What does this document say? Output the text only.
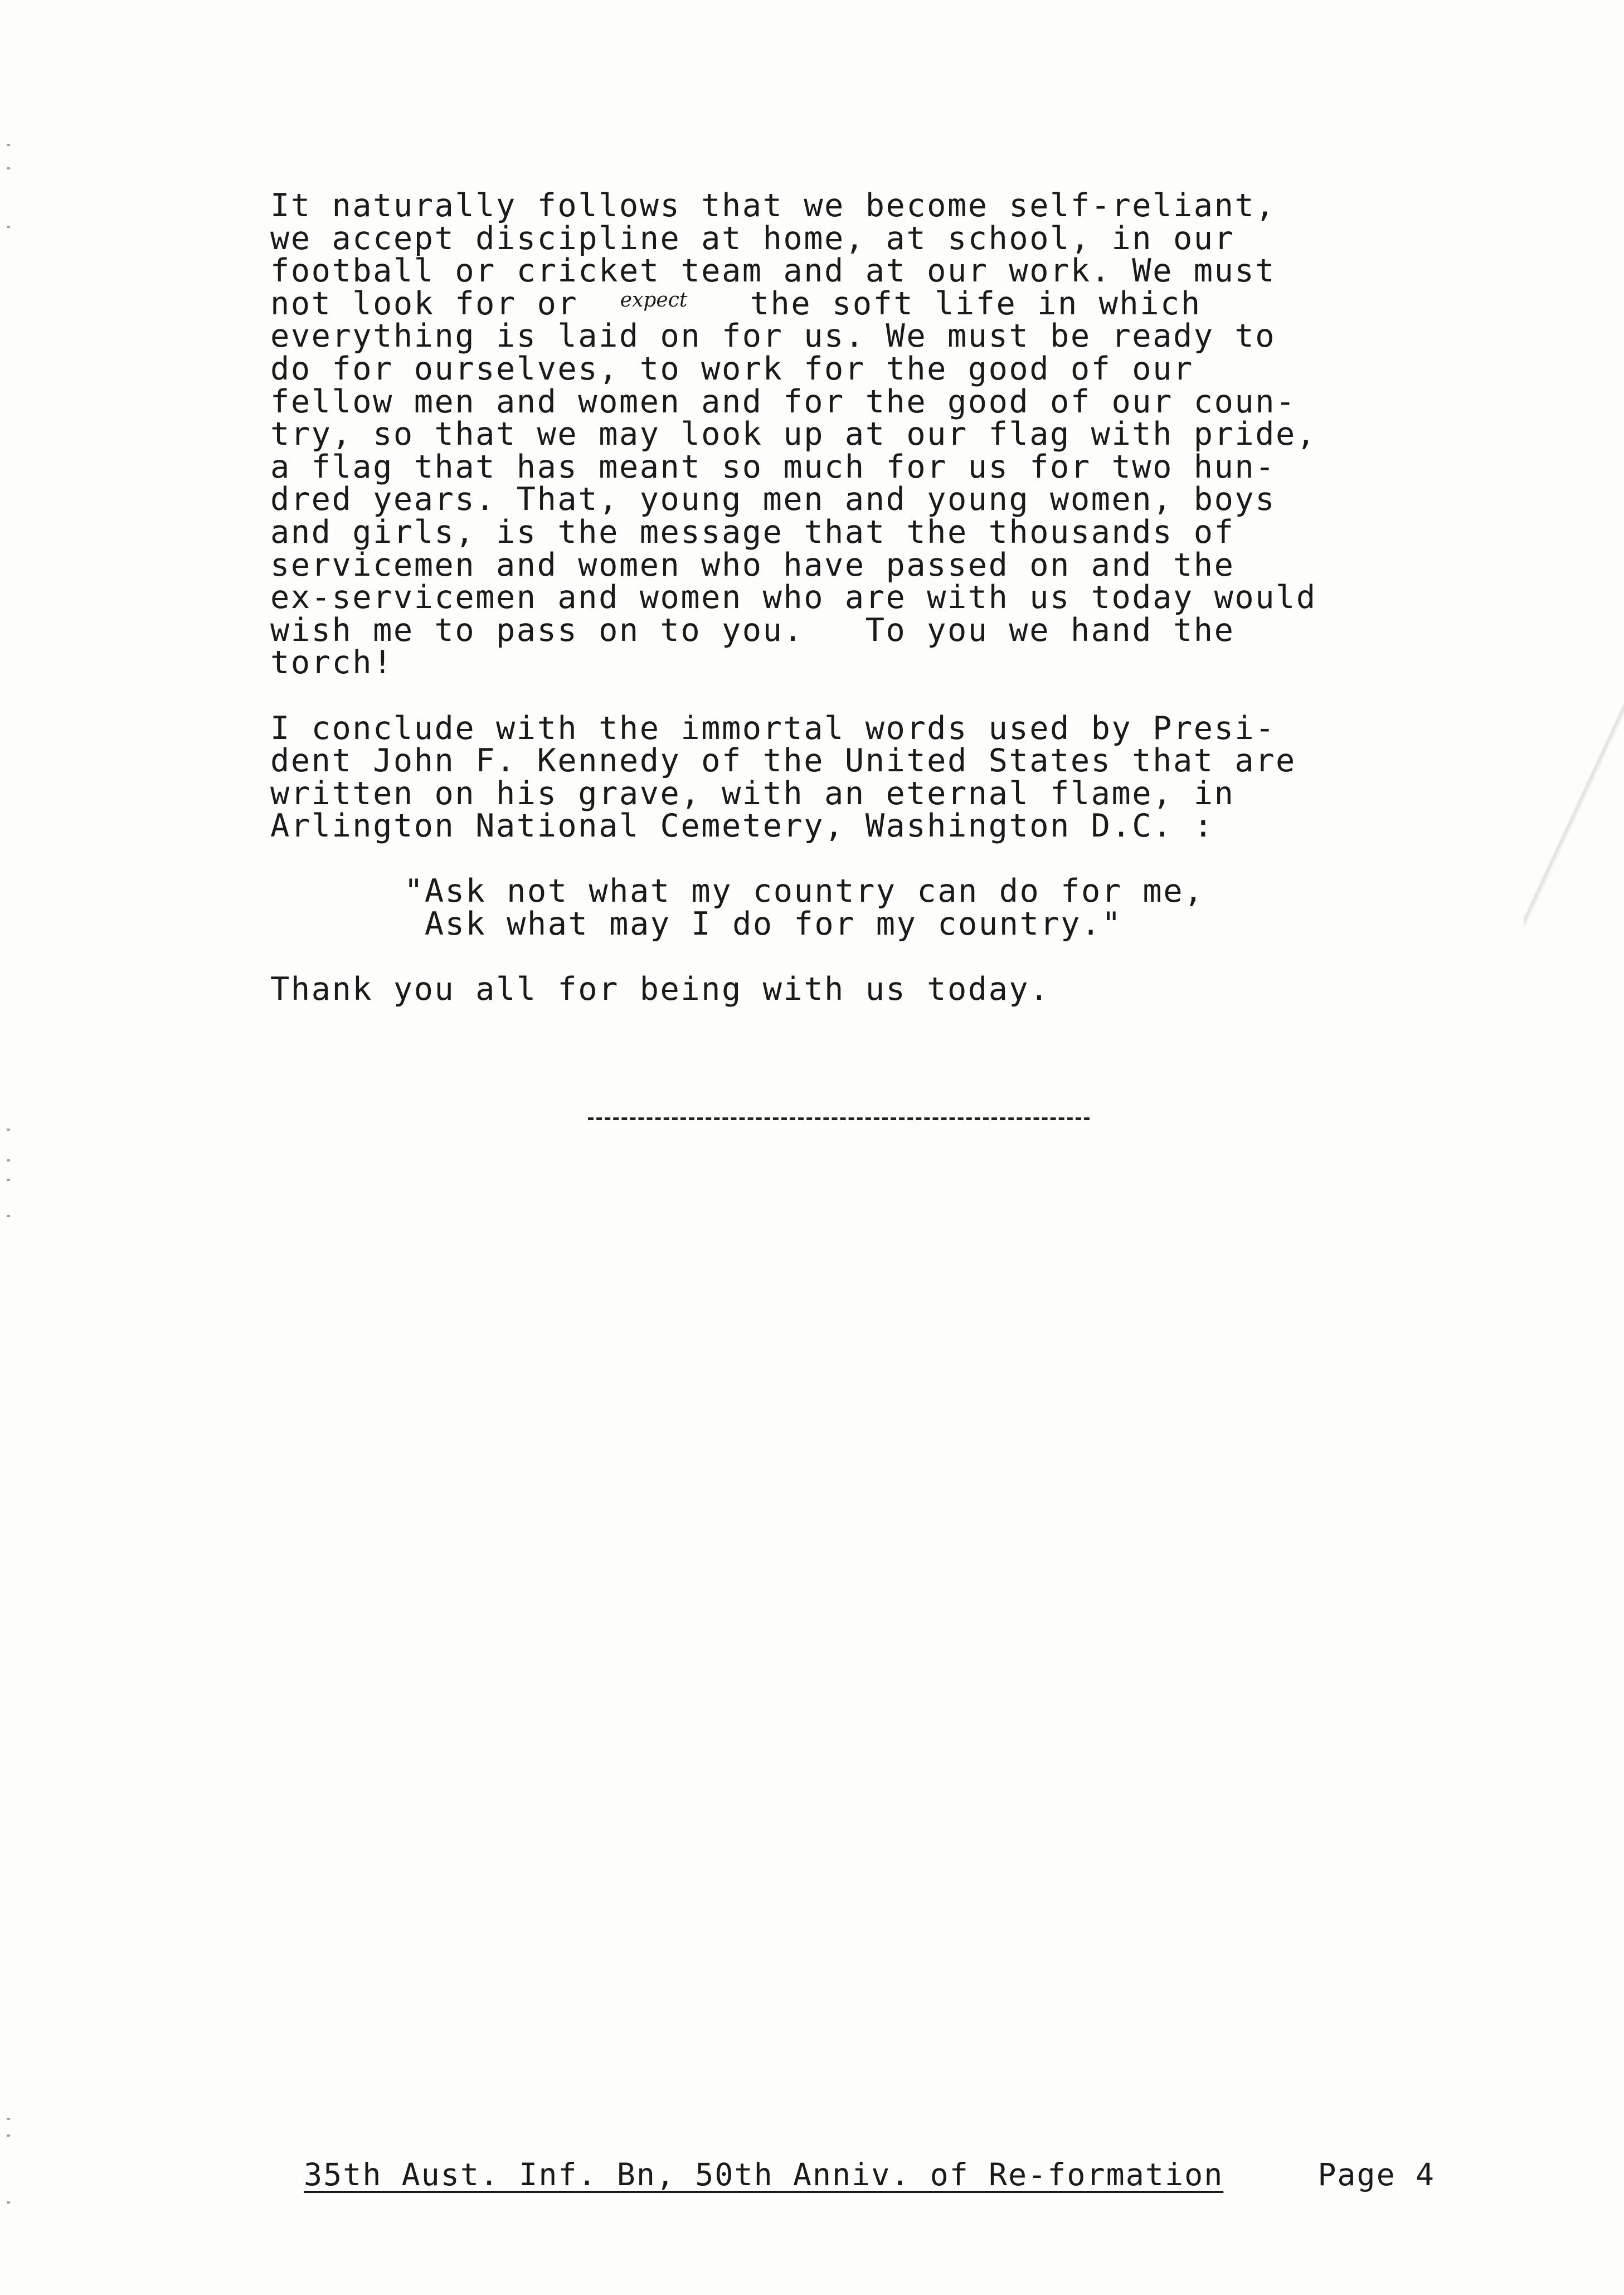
It naturally follows that we become self-reliant,
we accept discipline at home, at school, in our
football or cricket team and at our work. We must
not look for or expect  the soft life in which
everything is laid on for us. We must be ready to
do for ourselves, to work for the good of our
fellow men and women and for the good of our coun-
try, so that we may look up at our flag with pride,
a flag that has meant so much for us for two hun-
dred years. That, young men and young women, boys
and girls, is the message that the thousands of
servicemen and women who have passed on and the
ex-servicemen and women who are with us today would
wish me to pass on to you.   To you we hand the
torch!
I conclude with the immortal words used by Presi-
dent John F. Kennedy of the United States that are
written on his grave, with an eternal flame, in
Arlington National Cemetery, Washington D.C. :
"Ask not what my country can do for me,
Ask what may I do for my country."
Thank you all for being with us today.
35th Aust. Inf. Bn, 50th Anniv. of Re-formation	Page 4
